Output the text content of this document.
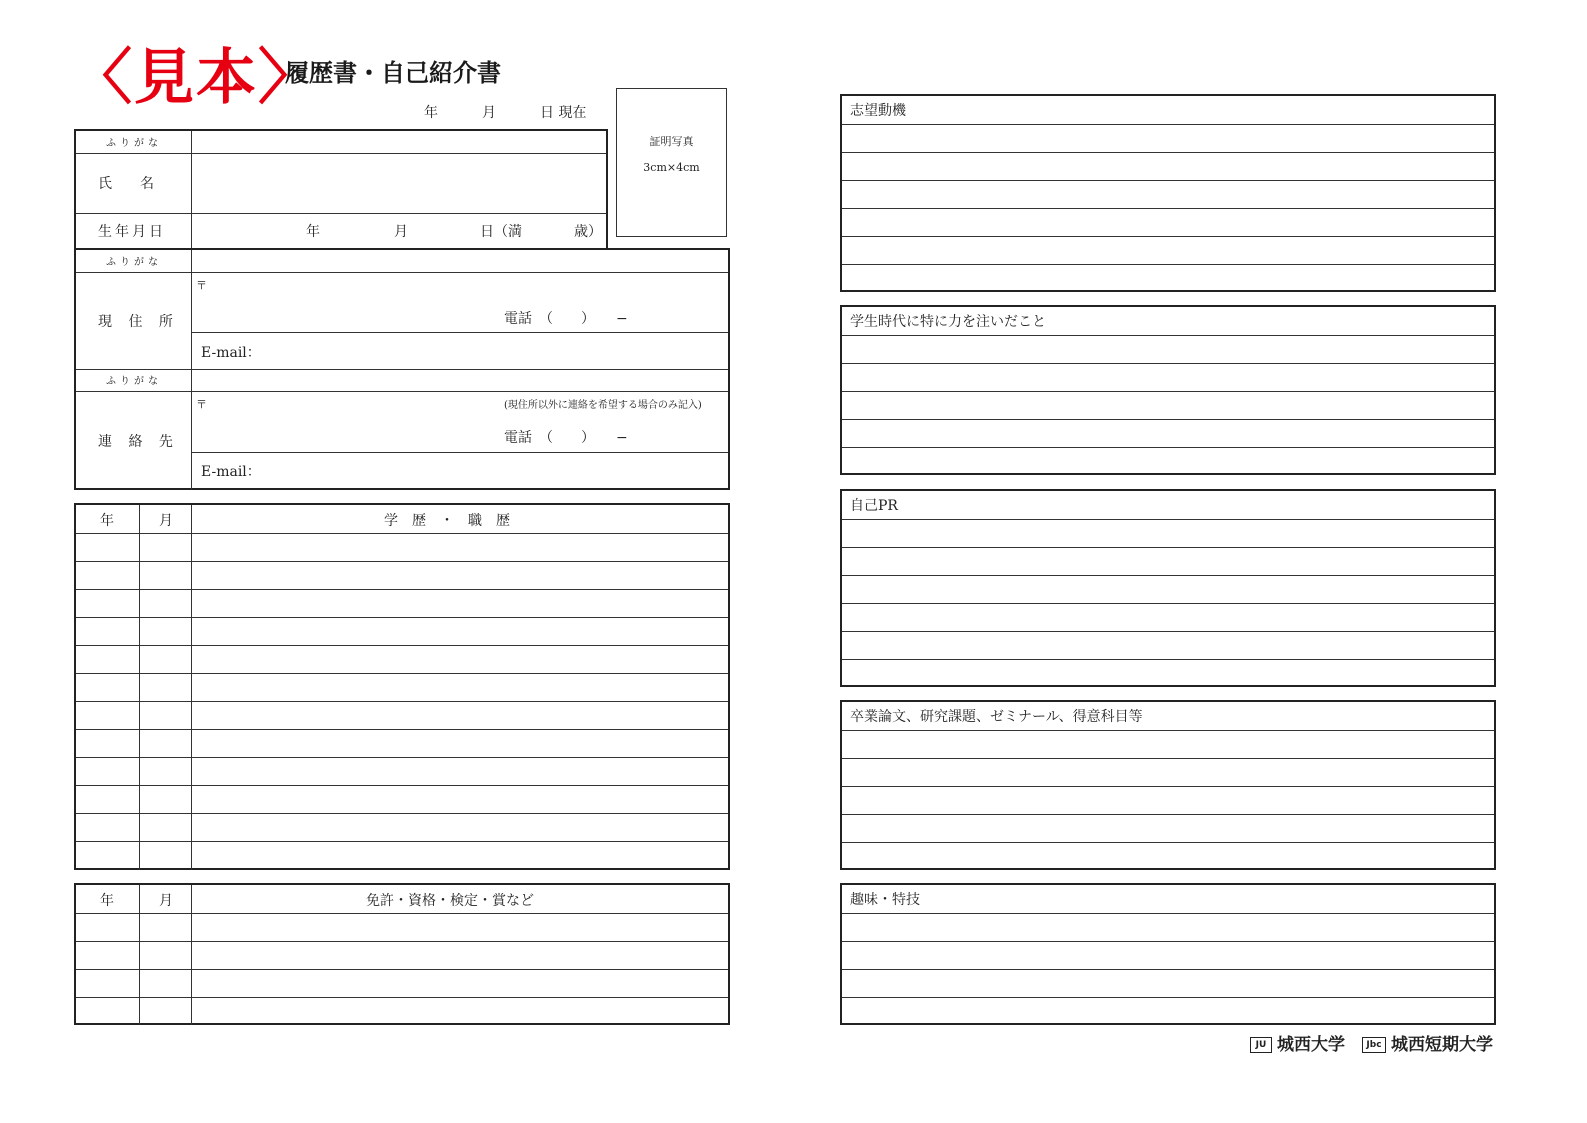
〈見本〉
履歴書・自己紹介書
年	月	日 現在
証明写真
3cm×4cm
ふりがな
氏　　名
生年月日	年	月	日（満	歳）
ふりがな
現 住 所
〒
電話　（　　）　　−
E-mail：
ふりがな
連 絡 先
〒	(現住所以外に連絡を希望する場合のみ記入)
電話　（　　）　　−
E-mail：
年	月	学　歴　・　職　歴
年	月	免許・資格・検定・賞など
志望動機
学生時代に特に力を注いだこと
自己PR
卒業論文、研究課題、ゼミナール、得意科目等
趣味・特技
JU 城西大学	Jbc 城西短期大学
